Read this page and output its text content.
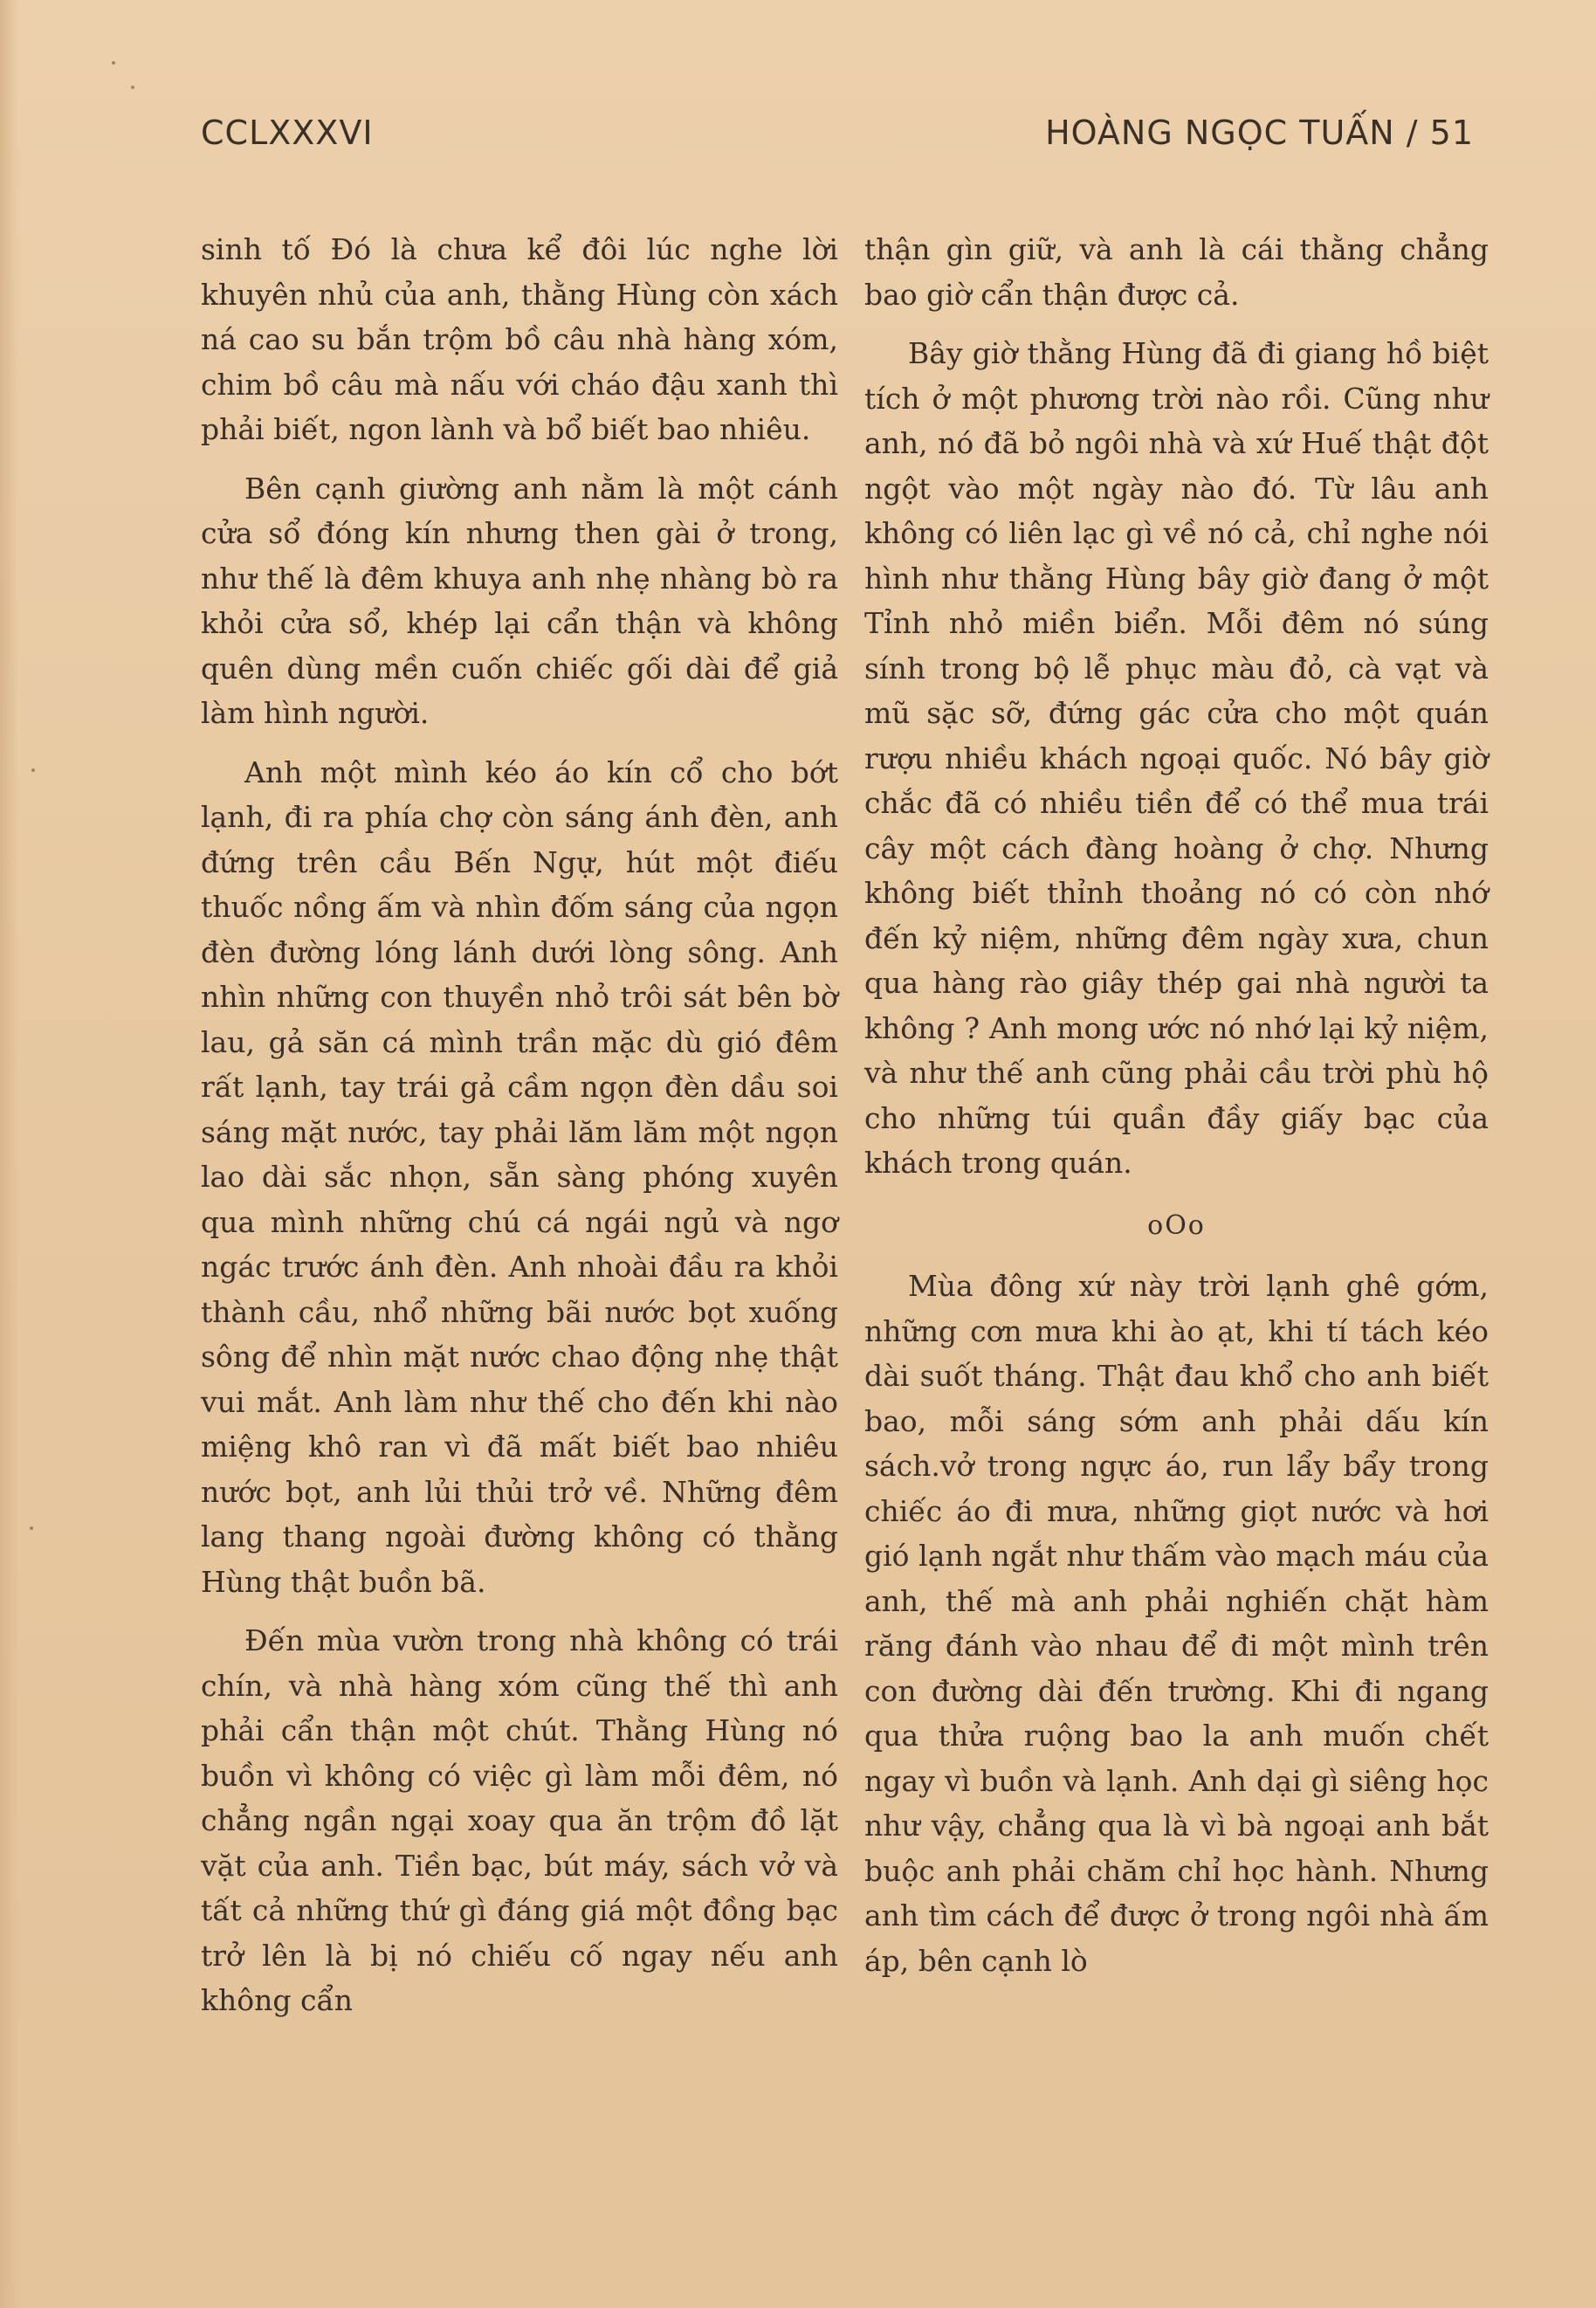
CCLXXXVI	HOÀNG NGỌC TUẤN / 51

sinh tố Đó là chưa kể đôi lúc nghe lời khuyên nhủ của anh, thằng Hùng còn xách ná cao su bắn trộm bồ câu nhà hàng xóm, chim bồ câu mà nấu với cháo đậu xanh thì phải biết, ngon lành và bổ biết bao nhiêu.

Bên cạnh giường anh nằm là một cánh cửa sổ đóng kín nhưng then gài ở trong, như thế là đêm khuya anh nhẹ nhàng bò ra khỏi cửa sổ, khép lại cẩn thận và không quên dùng mền cuốn chiếc gối dài để giả làm hình người.

Anh một mình kéo áo kín cổ cho bớt lạnh, đi ra phía chợ còn sáng ánh đèn, anh đứng trên cầu Bến Ngự, hút một điếu thuốc nồng ấm và nhìn đốm sáng của ngọn đèn đường lóng lánh dưới lòng sông. Anh nhìn những con thuyền nhỏ trôi sát bên bờ lau, gả săn cá mình trần mặc dù gió đêm rất lạnh, tay trái gả cầm ngọn đèn dầu soi sáng mặt nước, tay phải lăm lăm một ngọn lao dài sắc nhọn, sẵn sàng phóng xuyên qua mình những chú cá ngái ngủ và ngơ ngác trước ánh đèn. Anh nhoài đầu ra khỏi thành cầu, nhổ những bãi nước bọt xuống sông để nhìn mặt nước chao động nhẹ thật vui mắt. Anh làm như thế cho đến khi nào miệng khô ran vì đã mất biết bao nhiêu nước bọt, anh lủi thủi trở về. Những đêm lang thang ngoài đường không có thằng Hùng thật buồn bã.

Đến mùa vườn trong nhà không có trái chín, và nhà hàng xóm cũng thế thì anh phải cẩn thận một chút. Thằng Hùng nó buồn vì không có việc gì làm mỗi đêm, nó chẳng ngần ngại xoay qua ăn trộm đồ lặt vặt của anh. Tiền bạc, bút máy, sách vở và tất cả những thứ gì đáng giá một đồng bạc trở lên là bị nó chiếu cố ngay nếu anh không cẩn

thận gìn giữ, và anh là cái thằng chẳng bao giờ cẩn thận được cả.

Bây giờ thằng Hùng đã đi giang hồ biệt tích ở một phương trời nào rồi. Cũng như anh, nó đã bỏ ngôi nhà và xứ Huế thật đột ngột vào một ngày nào đó. Từ lâu anh không có liên lạc gì về nó cả, chỉ nghe nói hình như thằng Hùng bây giờ đang ở một Tỉnh nhỏ miền biển. Mỗi đêm nó súng sính trong bộ lễ phục màu đỏ, cà vạt và mũ sặc sỡ, đứng gác cửa cho một quán rượu nhiều khách ngoại quốc. Nó bây giờ chắc đã có nhiều tiền để có thể mua trái cây một cách đàng hoàng ở chợ. Nhưng không biết thỉnh thoảng nó có còn nhớ đến kỷ niệm, những đêm ngày xưa, chun qua hàng rào giây thép gai nhà người ta không ? Anh mong ước nó nhớ lại kỷ niệm, và như thế anh cũng phải cầu trời phù hộ cho những túi quần đầy giấy bạc của khách trong quán.

oOo

Mùa đông xứ này trời lạnh ghê gớm, những cơn mưa khi ào ạt, khi tí tách kéo dài suốt tháng. Thật đau khổ cho anh biết bao, mỗi sáng sớm anh phải dấu kín sách.vở trong ngực áo, run lẩy bẩy trong chiếc áo đi mưa, những giọt nước và hơi gió lạnh ngắt như thấm vào mạch máu của anh, thế mà anh phải nghiến chặt hàm răng đánh vào nhau để đi một mình trên con đường dài đến trường. Khi đi ngang qua thửa ruộng bao la anh muốn chết ngay vì buồn và lạnh. Anh dại gì siêng học như vậy, chẳng qua là vì bà ngoại anh bắt buộc anh phải chăm chỉ học hành. Nhưng anh tìm cách để được ở trong ngôi nhà ấm áp, bên cạnh lò
